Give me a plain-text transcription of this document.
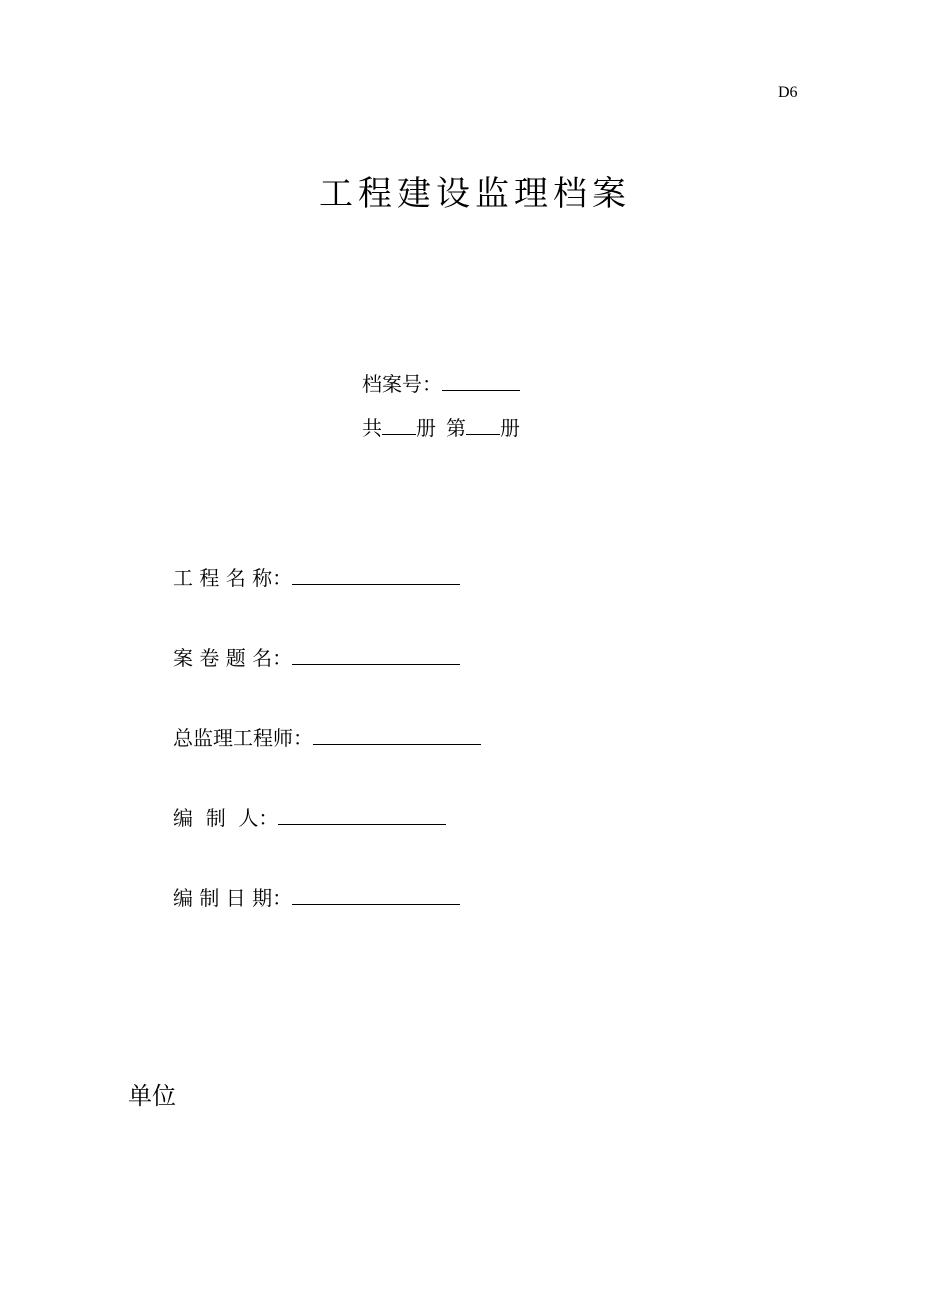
D6
工程建设监理档案
档案号：
共 册 第 册
工 程 名 称：
案 卷 题 名：
总监理工程师：
编  制  人：
编 制 日 期：
单位
